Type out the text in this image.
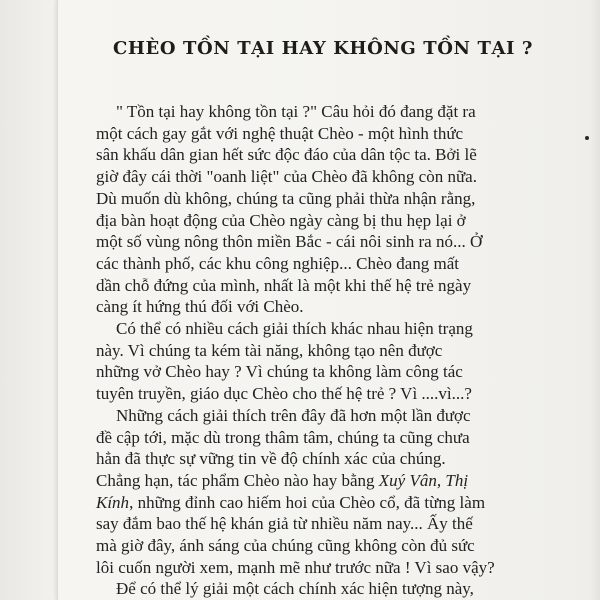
CHÈO TỒN TẠI HAY KHÔNG TỒN TẠI ?

" Tồn tại hay không tồn tại ?" Câu hỏi đó đang đặt ra
một cách gay gắt với nghệ thuật Chèo - một hình thức
sân khấu dân gian hết sức độc đáo của dân tộc ta. Bởi lẽ
giờ đây cái thời "oanh liệt" của Chèo đã không còn nữa.
Dù muốn dù không, chúng ta cũng phải thừa nhận rằng,
địa bàn hoạt động của Chèo ngày càng bị thu hẹp lại ở
một số vùng nông thôn miền Bắc - cái nôi sinh ra nó... Ở
các thành phố, các khu công nghiệp... Chèo đang mất
dần chỗ đứng của mình, nhất là một khi thế hệ trẻ ngày
càng ít hứng thú đối với Chèo.

Có thể có nhiều cách giải thích khác nhau hiện trạng
này. Vì chúng ta kém tài năng, không tạo nên được
những vở Chèo hay ? Vì chúng ta không làm công tác
tuyên truyền, giáo dục Chèo cho thế hệ trẻ ? Vì ....vì...?

Những cách giải thích trên đây đã hơn một lần được
đề cập tới, mặc dù trong thâm tâm, chúng ta cũng chưa
hẳn đã thực sự vững tin về độ chính xác của chúng.
Chẳng hạn, tác phẩm Chèo nào hay bằng Xuý Vân, Thị
Kính, những đỉnh cao hiếm hoi của Chèo cổ, đã từng làm
say đắm bao thế hệ khán giả từ nhiều năm nay... Ấy thế
mà giờ đây, ánh sáng của chúng cũng không còn đủ sức
lôi cuốn người xem, mạnh mẽ như trước nữa ! Vì sao vậy?

Để có thể lý giải một cách chính xác hiện tượng này,
